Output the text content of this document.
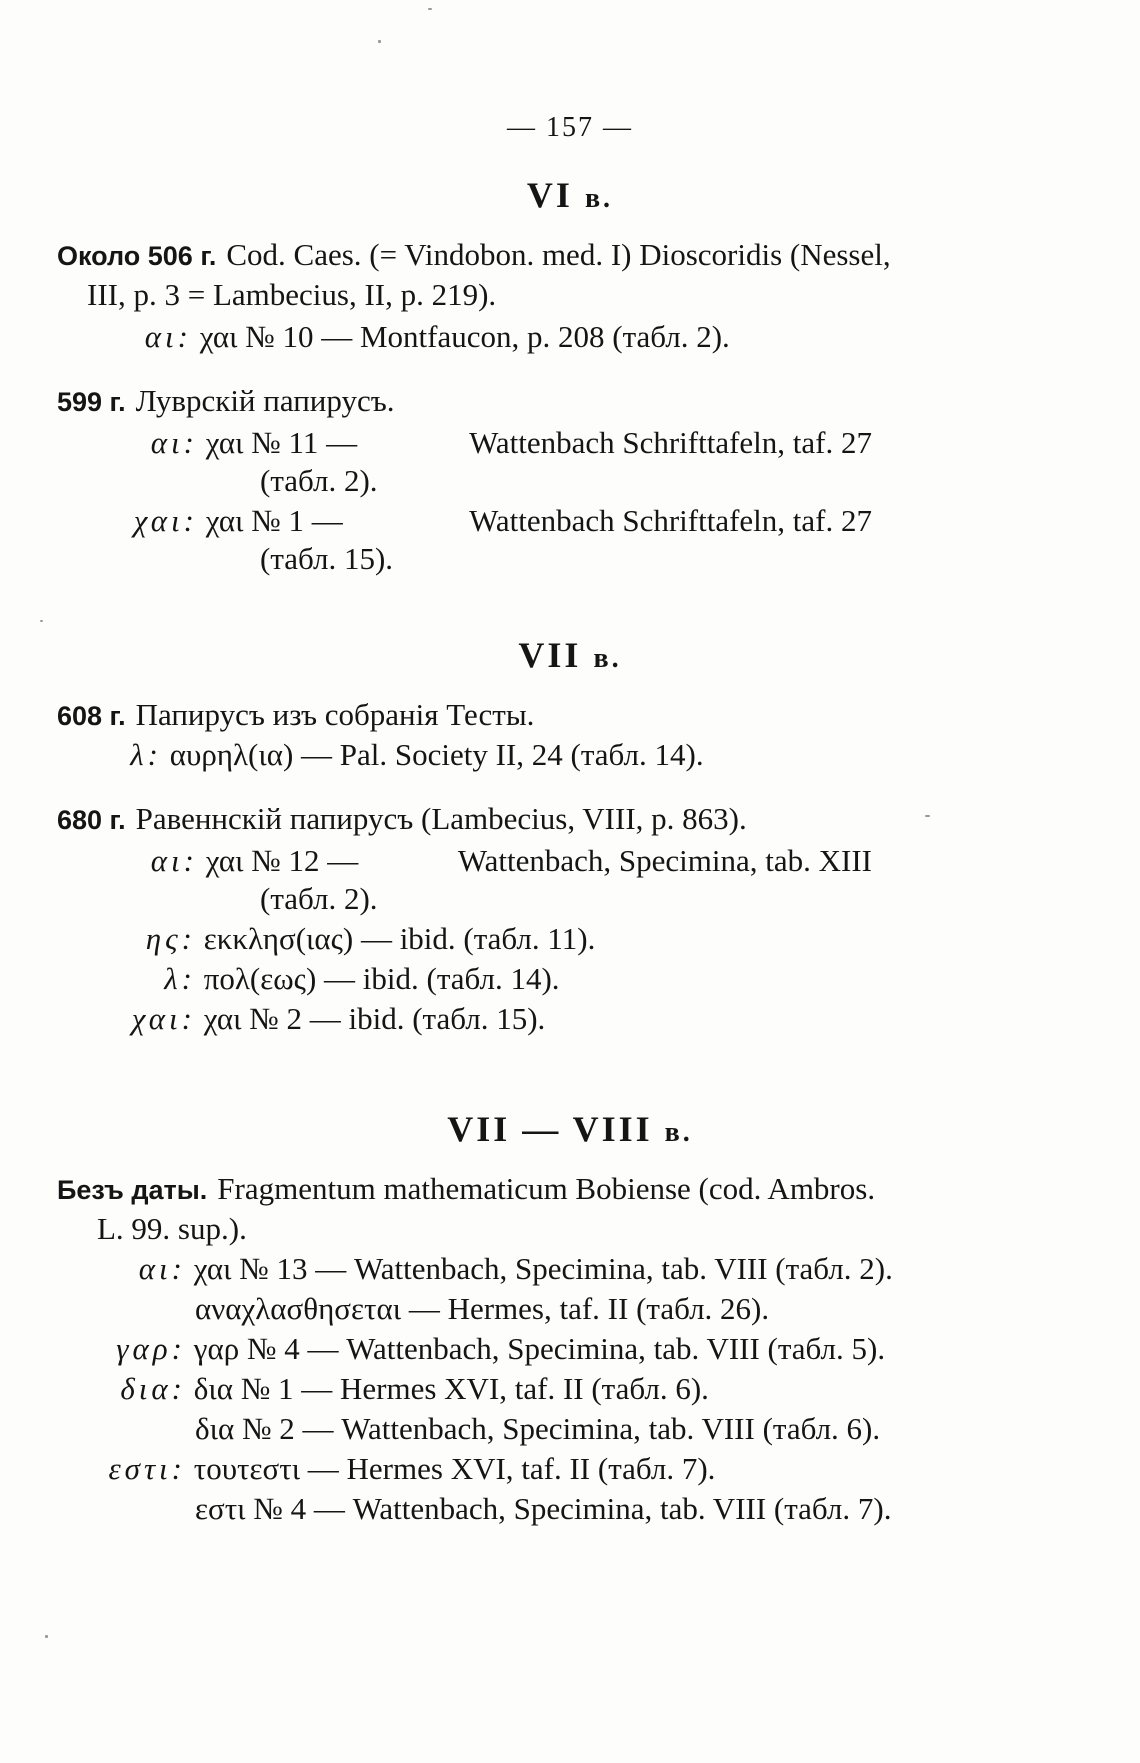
— 157 —
VI в.
Около 506 г. Cod. Caes. (= Vindobon. med. I) Dioscoridis (Nessel,
III, p. 3 = Lambecius, II, p. 219).
αι: χαι № 10 — Montfaucon, p. 208 (табл. 2).
599 г. Луврскій папирусъ.
αι: χαι № 11 —	Wattenbach Schrifttafeln, taf. 27
(табл. 2).
χαι: χαι № 1 —	Wattenbach Schrifttafeln, taf. 27
(табл. 15).
VII в.
608 г. Папирусъ изъ собранія Тесты.
λ: αυρηλ(ια) — Pal. Society II, 24 (табл. 14).
680 г. Равеннскій папирусъ (Lambecius, VIII, p. 863).
αι: χαι № 12 —	Wattenbach, Specimina, tab. XIII
(табл. 2).
ης: εκκλησ(ιας) — ibid. (табл. 11).
λ: πολ(εως) — ibid. (табл. 14).
χαι: χαι № 2 — ibid. (табл. 15).
VII — VIII в.
Безъ даты. Fragmentum mathematicum Bobiense (cod. Ambros.
L. 99. sup.).
αι: χαι № 13 — Wattenbach, Specimina, tab. VIII (табл. 2).
αναχλασθησεται — Hermes, taf. II (табл. 26).
γαρ: γαρ № 4 — Wattenbach, Specimina, tab. VIII (табл. 5).
δια: δια № 1 — Hermes XVI, taf. II (табл. 6).
δια № 2 — Wattenbach, Specimina, tab. VIII (табл. 6).
εστι: τουτεστι — Hermes XVI, taf. II (табл. 7).
εστι № 4 — Wattenbach, Specimina, tab. VIII (табл. 7).
